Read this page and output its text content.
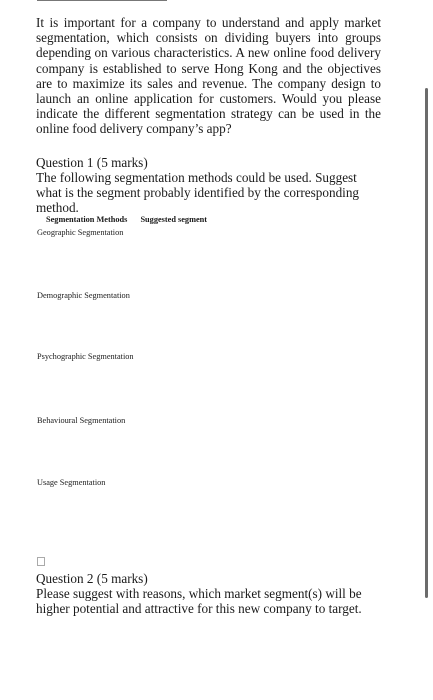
It is important for a company to understand and apply market segmentation, which consists on dividing buyers into groups depending on various characteristics. A new online food delivery company is established to serve Hong Kong and the objectives are to maximize its sales and revenue. The company design to launch an online application for customers. Would you please indicate the different segmentation strategy can be used in the online food delivery company’s app?

Question 1 (5 marks)

The following segmentation methods could be used. Suggest what is the segment probably identified by the corresponding method.

Segmentation Methods Suggested segment
Geographic Segmentation
Demographic Segmentation
Psychographic Segmentation
Behavioural Segmentation
Usage Segmentation

Question 2 (5 marks)

Please suggest with reasons, which market segment(s) will be higher potential and attractive for this new company to target.
